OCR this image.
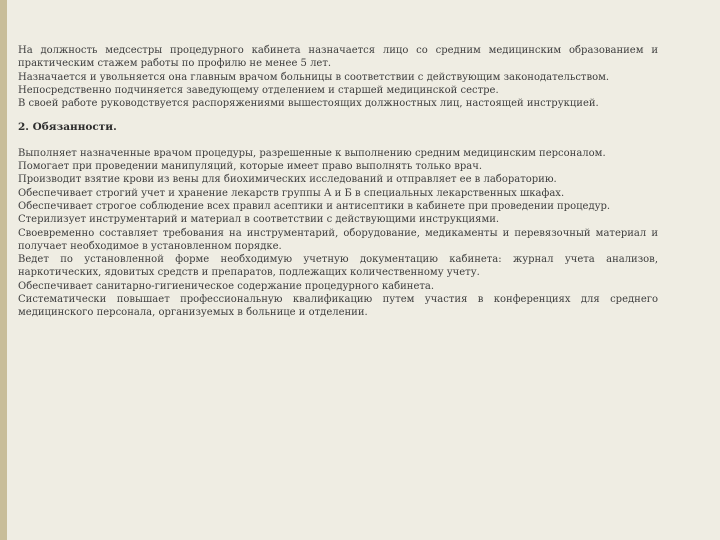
На должность медсестры процедурного кабинета назначается лицо со средним медицинским образованием и практическим стажем работы по профилю не менее 5 лет.

Назначается и увольняется она главным врачом больницы в соответствии с действующим законодательством.

Непосредственно подчиняется заведующему отделением и старшей медицинской сестре.

В своей работе руководствуется распоряжениями вышестоящих должностных лиц, настоящей инструкцией.

2. Обязанности.

Выполняет назначенные врачом процедуры, разрешенные к выполнению средним медицинским персоналом.

Помогает при проведении манипуляций, которые имеет право выполнять только врач.

Производит взятие крови из вены для биохимических исследований и отправляет ее в лабораторию.

Обеспечивает строгий учет и хранение лекарств группы А и Б в специальных лекарственных шкафах.

Обеспечивает строгое соблюдение всех правил асептики и антисептики в кабинете при проведении процедур.

Стерилизует инструментарий и материал в соответствии с действующими инструкциями.

Своевременно составляет требования на инструментарий, оборудование, медикаменты и перевязочный материал и получает необходимое в установленном порядке.

Ведет по установленной форме необходимую учетную документацию кабинета: журнал учета анализов, наркотических, ядовитых средств и препаратов, подлежащих количественному учету.

Обеспечивает санитарно-гигиеническое содержание процедурного кабинета.

Систематически повышает профессиональную квалификацию путем участия в конференциях для среднего медицинского персонала, организуемых в больнице и отделении.
